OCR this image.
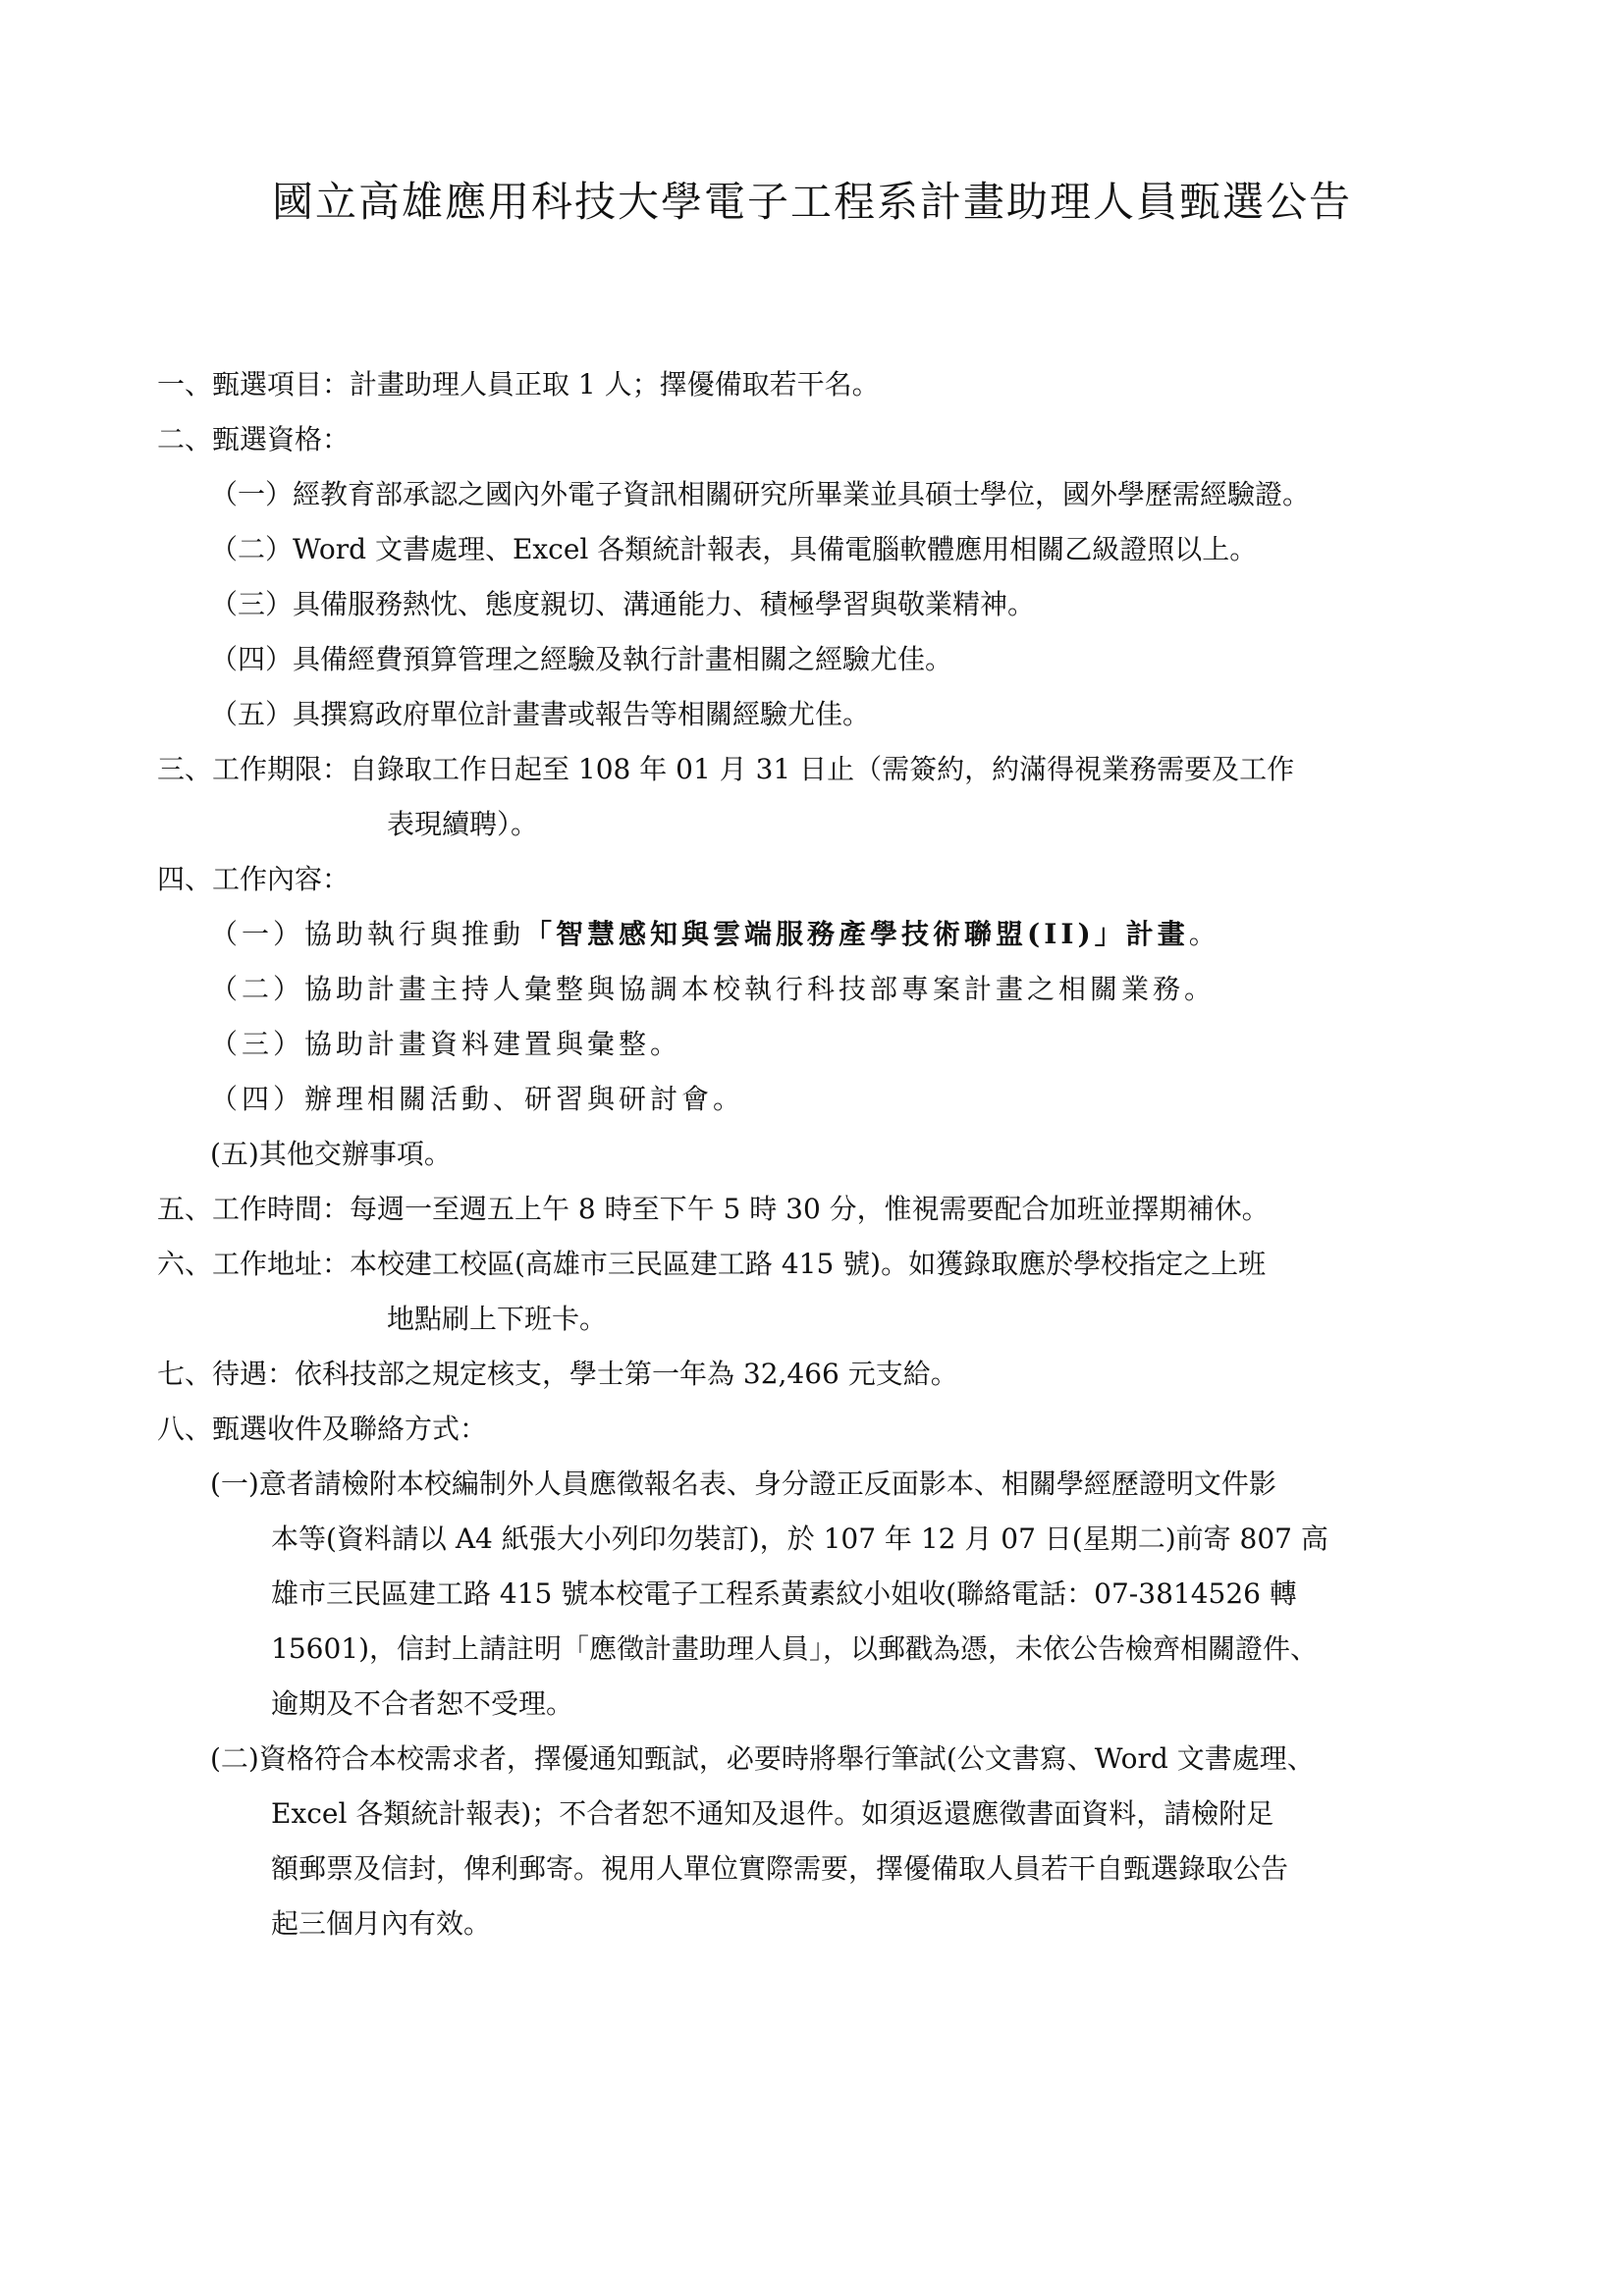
國立高雄應用科技大學電子工程系計畫助理人員甄選公告
一、甄選項目：計畫助理人員正取 1 人；擇優備取若干名。
二、甄選資格：
（一）經教育部承認之國內外電子資訊相關研究所畢業並具碩士學位，國外學歷需經驗證。
（二）Word 文書處理、Excel 各類統計報表，具備電腦軟體應用相關乙級證照以上。
（三）具備服務熱忱、態度親切、溝通能力、積極學習與敬業精神。
（四）具備經費預算管理之經驗及執行計畫相關之經驗尤佳。
（五）具撰寫政府單位計畫書或報告等相關經驗尤佳。
三、工作期限：自錄取工作日起至 108 年 01 月 31 日止（需簽約，約滿得視業務需要及工作
表現續聘）。
四、工作內容：
（一）協助執行與推動「智慧感知與雲端服務產學技術聯盟(II)」計畫。
（二）協助計畫主持人彙整與協調本校執行科技部專案計畫之相關業務。
（三）協助計畫資料建置與彙整。
（四）辦理相關活動、研習與研討會。
(五)其他交辦事項。
五、工作時間：每週一至週五上午 8 時至下午 5 時 30 分，惟視需要配合加班並擇期補休。
六、工作地址：本校建工校區(高雄市三民區建工路 415 號)。如獲錄取應於學校指定之上班
地點刷上下班卡。
七、待遇：依科技部之規定核支，學士第一年為 32,466 元支給。
八、甄選收件及聯絡方式：
(一)意者請檢附本校編制外人員應徵報名表、身分證正反面影本、相關學經歷證明文件影
本等(資料請以 A4 紙張大小列印勿裝訂)，於 107 年 12 月 07 日(星期二)前寄 807 高
雄市三民區建工路 415 號本校電子工程系黃素紋小姐收(聯絡電話：07-3814526 轉
15601)，信封上請註明「應徵計畫助理人員」，以郵戳為憑，未依公告檢齊相關證件、
逾期及不合者恕不受理。
(二)資格符合本校需求者，擇優通知甄試，必要時將舉行筆試(公文書寫、Word 文書處理、
Excel 各類統計報表)；不合者恕不通知及退件。如須返還應徵書面資料，請檢附足
額郵票及信封，俾利郵寄。視用人單位實際需要，擇優備取人員若干自甄選錄取公告
起三個月內有效。
